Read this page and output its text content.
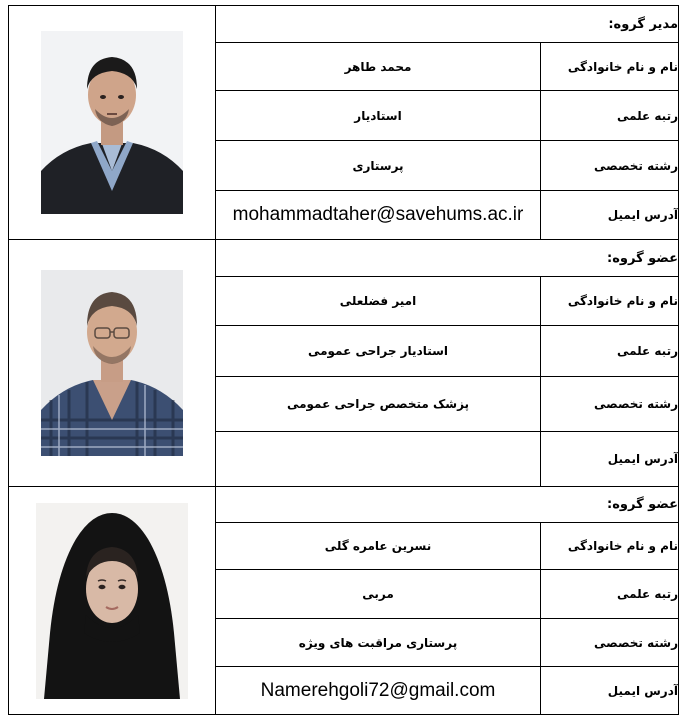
	مدیر گروه:	
	محمد طاهر	نام و نام خانوادگی
	استادیار	رتبه علمی
	پرستاری	رشته تخصصی
	mohammadtaher@savehums.ac.ir	آدرس ایمیل

	عضو گروه:	
	امیر فضلعلی	نام و نام خانوادگی
	استادیار جراحی عمومی	رتبه علمی
	پزشک متخصص جراحی عمومی	رشته تخصصی
		آدرس ایمیل

	عضو گروه:	
	نسرین عامره گلی	نام و نام خانوادگی
	مربی	رتبه علمی
	پرستاری مراقبت های ویژه	رشته تخصصی
	Namerehgoli72@gmail.com	آدرس ایمیل
